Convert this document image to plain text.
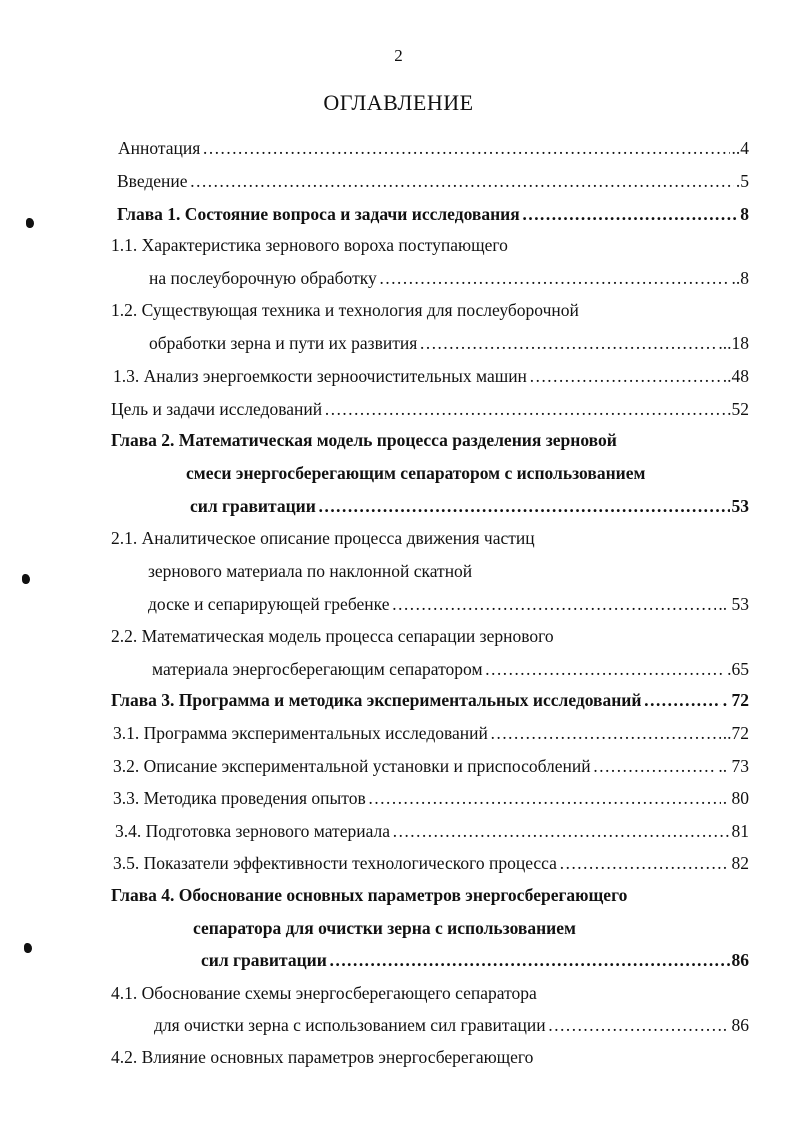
2
ОГЛАВЛЕНИЕ
Аннотация ……………………………………………………………………………………………………………………………………………………	..4
Введение ……………………………………………………………………………………………………………………………………………………	.5
Глава 1. Состояние вопроса и задачи исследования ……………………………………………………………………………………………………………………………………………………	8
1.1. Характеристика зернового вороха поступающего
на послеуборочную обработку ……………………………………………………………………………………………………………………………………………………	..8
1.2. Существующая техника и технология для послеуборочной
обработки зерна и пути их развития ……………………………………………………………………………………………………………………………………………………	...18
1.3. Анализ энергоемкости зерноочистительных машин ……………………………………………………………………………………………………………………………………………………	..48
Цель и задачи исследований ……………………………………………………………………………………………………………………………………………………	.52
Глава 2. Математическая модель процесса разделения зерновой
смеси энергосберегающим сепаратором с использованием
сил гравитации ……………………………………………………………………………………………………………………………………………………	53
2.1. Аналитическое описание процесса движения частиц
зернового материала по наклонной скатной
доске и сепарирующей гребенке ……………………………………………………………………………………………………………………………………………………	.. 53
2.2. Математическая модель процесса сепарации зернового
материала энергосберегающим сепаратором ……………………………………………………………………………………………………………………………………………………	.65
Глава 3. Программа и методика экспериментальных исследований ……………………………………………………………………………………………………………………………………………………	. 72
3.1. Программа экспериментальных исследований ……………………………………………………………………………………………………………………………………………………	..72
3.2. Описание экспериментальной установки и приспособлений ……………………………………………………………………………………………………………………………………………………	.. 73
3.3. Методика проведения опытов ……………………………………………………………………………………………………………………………………………………	. 80
3.4. Подготовка зернового материала ……………………………………………………………………………………………………………………………………………………	81
3.5. Показатели эффективности технологического процесса ……………………………………………………………………………………………………………………………………………………	. 82
Глава 4. Обоснование основных параметров энергосберегающего
сепаратора для очистки зерна с использованием
сил гравитации ……………………………………………………………………………………………………………………………………………………	86
4.1. Обоснование схемы энергосберегающего сепаратора
для очистки зерна с использованием сил гравитации ……………………………………………………………………………………………………………………………………………………	. 86
4.2. Влияние основных параметров энергосберегающего
